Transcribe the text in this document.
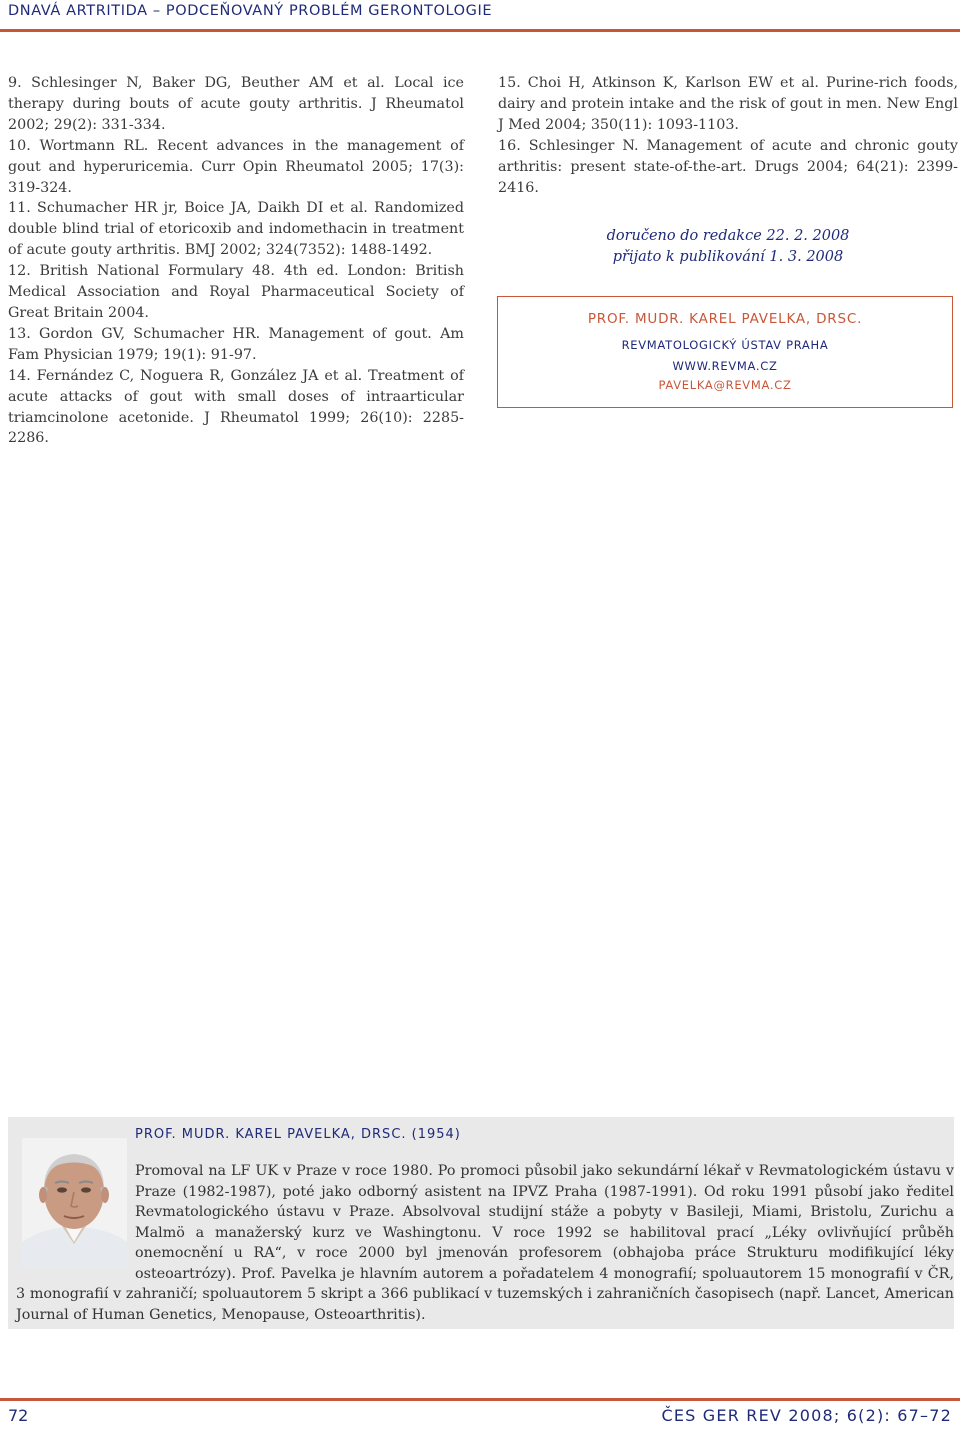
DNAVÁ ARTRITIDA – PODCEŇOVANÝ PROBLÉM GERONTOLOGIE

9. Schlesinger N, Baker DG, Beuther AM et al. Local ice therapy during bouts of acute gouty arthritis. J Rheumatol 2002; 29(2): 331-334.

10. Wortmann RL. Recent advances in the management of gout and hyperuricemia. Curr Opin Rheumatol 2005; 17(3): 319-324.

11. Schumacher HR jr, Boice JA, Daikh DI et al. Randomized double blind trial of etoricoxib and indomethacin in treatment of acute gouty arthritis. BMJ 2002; 324(7352): 1488-1492.

12. British National Formulary 48. 4th ed. London: British Medical Association and Royal Pharmaceutical Society of Great Britain 2004.

13. Gordon GV, Schumacher HR. Management of gout. Am Fam Physician 1979; 19(1): 91-97.

14. Fernández C, Noguera R, González JA et al. Treatment of acute attacks of gout with small doses of intraarticular triamcinolone acetonide. J Rheumatol 1999; 26(10): 2285-2286.

15. Choi H, Atkinson K, Karlson EW et al. Purine-rich foods, dairy and protein intake and the risk of gout in men. New Engl J Med 2004; 350(11): 1093-1103.

16. Schlesinger N. Management of acute and chronic gouty arthritis: present state-of-the-art. Drugs 2004; 64(21): 2399-2416.

doručeno do redakce 22. 2. 2008
přijato k publikování 1. 3. 2008
PROF. MUDR. KAREL PAVELKA, DRSC.
REVMATOLOGICKÝ ÚSTAV PRAHA
WWW.REVMA.CZ
PAVELKA@REVMA.CZ
PROF. MUDR. KAREL PAVELKA, DRSC. (1954)
Promoval na LF UK v Praze v roce 1980. Po promoci působil jako sekundární lékař v Revmatologickém ústavu v Praze (1982-1987), poté jako odborný asistent na IPVZ Praha (1987-1991). Od roku 1991 působí jako ředitel Revmatologického ústavu v Praze. Absolvoval studijní stáže a pobyty v Basileji, Miami, Bristolu, Zurichu a Malmö a manažerský kurz ve Washingtonu. V roce 1992 se habilitoval prací „Léky ovlivňující průběh onemocnění u RA“, v roce 2000 byl jmenován profesorem (obhajoba práce Strukturu modifikující léky osteoartrózy). Prof. Pavelka je hlavním autorem a pořadatelem 4 monografií; spoluautorem 15 monografií v ČR, 3 monografií v zahraničí; spoluautorem 5 skript a 366 publikací v tuzemských i zahraničních časopisech (např. Lancet, American Journal of Human Genetics, Menopause, Osteoarthritis).
72	ČES GER REV 2008; 6(2): 67–72
